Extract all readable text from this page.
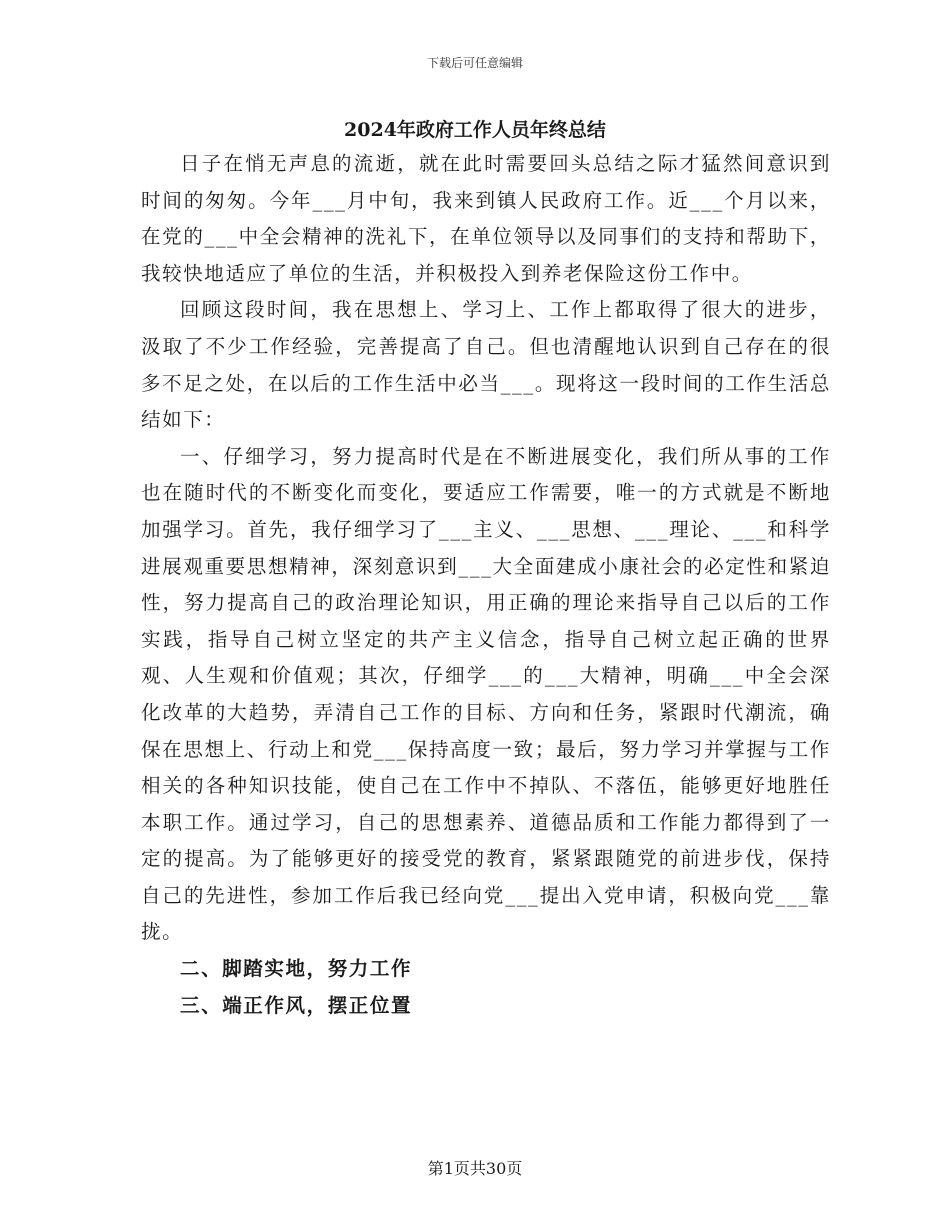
下载后可任意编辑
2024年政府工作人员年终总结

日子在悄无声息的流逝，就在此时需要回头总结之际才猛然间意识到时间的匆匆。今年___月中旬，我来到镇人民政府工作。近___个月以来，在党的___中全会精神的洗礼下，在单位领导以及同事们的支持和帮助下，我较快地适应了单位的生活，并积极投入到养老保险这份工作中。

回顾这段时间，我在思想上、学习上、工作上都取得了很大的进步，汲取了不少工作经验，完善提高了自己。但也清醒地认识到自己存在的很多不足之处，在以后的工作生活中必当___。现将这一段时间的工作生活总结如下：

一、仔细学习，努力提高时代是在不断进展变化，我们所从事的工作也在随时代的不断变化而变化，要适应工作需要，唯一的方式就是不断地加强学习。首先，我仔细学习了___主义、___思想、___理论、___和科学进展观重要思想精神，深刻意识到___大全面建成小康社会的必定性和紧迫性，努力提高自己的政治理论知识，用正确的理论来指导自己以后的工作实践，指导自己树立坚定的共产主义信念，指导自己树立起正确的世界观、人生观和价值观；其次，仔细学___的___大精神，明确___中全会深化改革的大趋势，弄清自己工作的目标、方向和任务，紧跟时代潮流，确保在思想上、行动上和党___保持高度一致；最后，努力学习并掌握与工作相关的各种知识技能，使自己在工作中不掉队、不落伍，能够更好地胜任本职工作。通过学习，自己的思想素养、道德品质和工作能力都得到了一定的提高。为了能够更好的接受党的教育，紧紧跟随党的前进步伐，保持自己的先进性，参加工作后我已经向党___提出入党申请，积极向党___靠拢。

二、脚踏实地，努力工作

三、端正作风，摆正位置

第1页共30页
